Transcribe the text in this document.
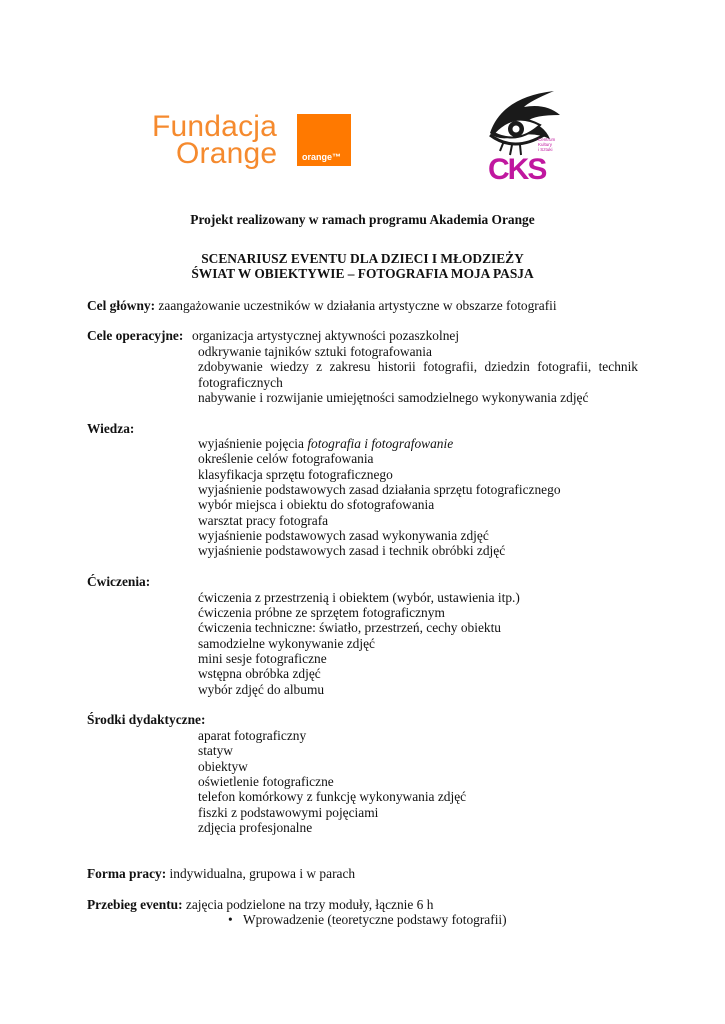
Fundacja
Orange	orange™
Centrum
Kultury
i Sztuki
CKS
Projekt realizowany w ramach programu Akademia Orange
SCENARIUSZ EVENTU DLA DZIECI I MŁODZIEŻY
ŚWIAT W OBIEKTYWIE – FOTOGRAFIA MOJA PASJA
Cel główny: zaangażowanie uczestników w działania artystyczne w obszarze fotografii
Cele operacyjne: organizacja artystycznej aktywności pozaszkolnej
odkrywanie tajników sztuki fotografowania
zdobywanie wiedzy z zakresu historii fotografii, dziedzin fotografii, technik
fotograficznych
nabywanie i rozwijanie umiejętności samodzielnego wykonywania zdjęć
Wiedza:
wyjaśnienie pojęcia fotografia i fotografowanie
określenie celów fotografowania
klasyfikacja sprzętu fotograficznego
wyjaśnienie podstawowych zasad działania sprzętu fotograficznego
wybór miejsca i obiektu do sfotografowania
warsztat pracy fotografa
wyjaśnienie podstawowych zasad wykonywania zdjęć
wyjaśnienie podstawowych zasad i technik obróbki zdjęć
Ćwiczenia:
ćwiczenia z przestrzenią i obiektem (wybór, ustawienia itp.)
ćwiczenia próbne ze sprzętem fotograficznym
ćwiczenia techniczne: światło, przestrzeń, cechy obiektu
samodzielne wykonywanie zdjęć
mini sesje fotograficzne
wstępna obróbka zdjęć
wybór zdjęć do albumu
Środki dydaktyczne:
aparat fotograficzny
statyw
obiektyw
oświetlenie fotograficzne
telefon komórkowy z funkcję wykonywania zdjęć
fiszki z podstawowymi pojęciami
zdjęcia profesjonalne
Forma pracy: indywidualna, grupowa i w parach
Przebieg eventu: zajęcia podzielone na trzy moduły, łącznie 6 h
• Wprowadzenie (teoretyczne podstawy fotografii)
